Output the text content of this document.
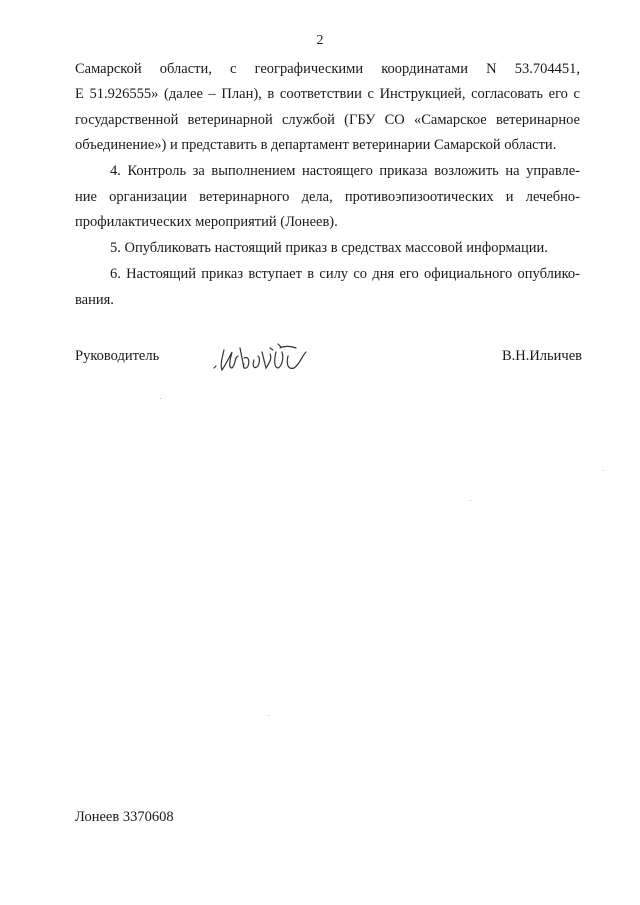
2
Самарской области, с географическими координатами N 53.704451,
E 51.926555» (далее – План), в соответствии с Инструкцией, согласовать его с
государственной ветеринарной службой (ГБУ СО «Самарское ветеринарное
объединение») и представить в департамент ветеринарии Самарской области.
4. Контроль за выполнением настоящего приказа возложить на управле-
ние организации ветеринарного дела, противоэпизоотических и лечебно-
профилактических мероприятий (Лонеев).
5. Опубликовать настоящий приказ в средствах массовой информации.
6. Настоящий приказ вступает в силу со дня его официального опублико-
вания.
Руководитель	В.Н.Ильичев
Лонеев 3370608
